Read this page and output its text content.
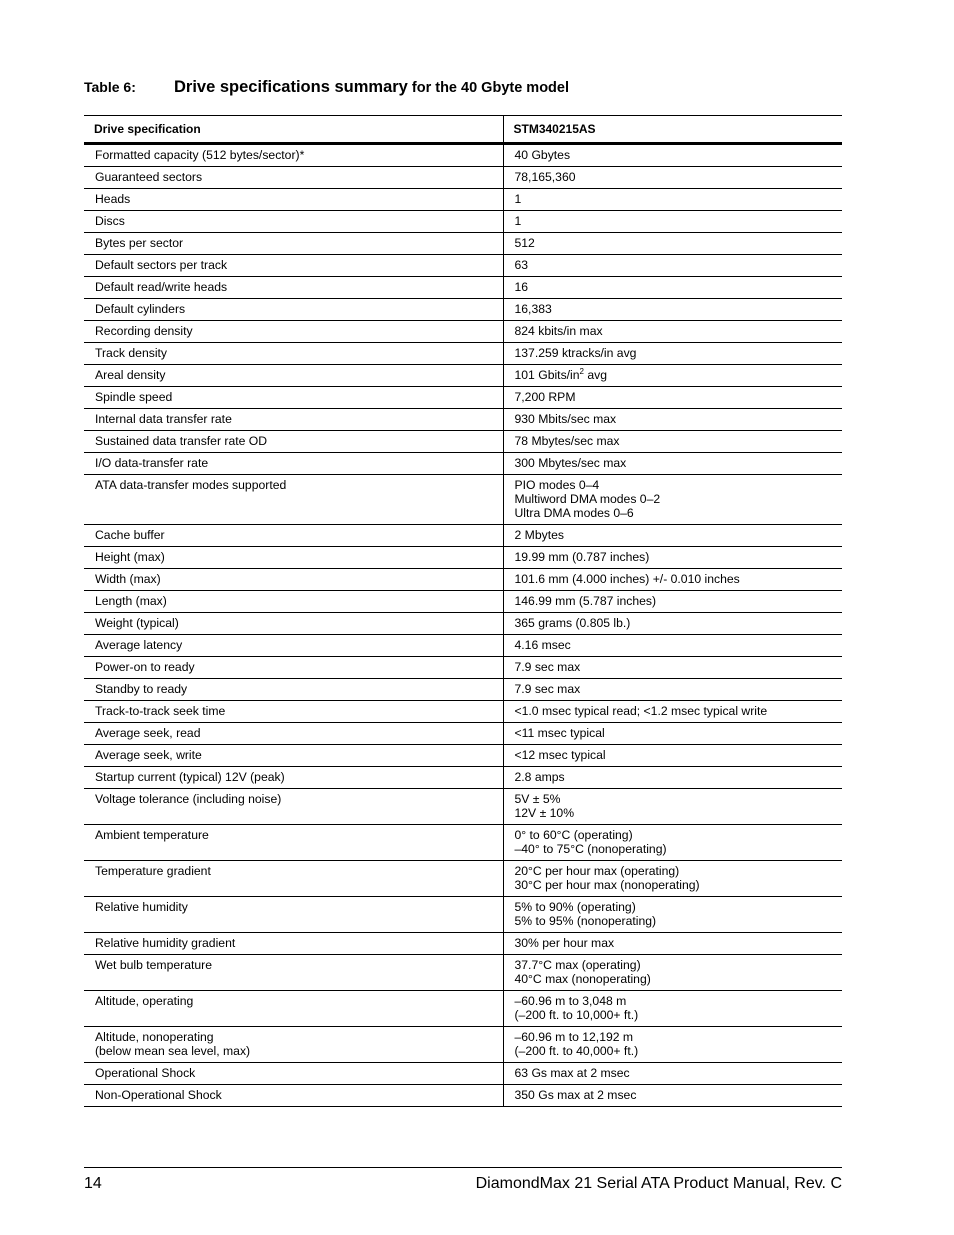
Table 6:	Drive specifications summary for the 40 Gbyte model
Drive specification	STM340215AS

Formatted capacity (512 bytes/sector)*	40 Gbytes

Guaranteed sectors	78,165,360

Heads	1

Discs	1

Bytes per sector	512

Default sectors per track	63

Default read/write heads	16

Default cylinders	16,383

Recording density	824 kbits/in max

Track density	137.259 ktracks/in avg

Areal density	101 Gbits/$in^2$ avg

Spindle speed	7,200 RPM

Internal data transfer rate	930 Mbits/sec max

Sustained data transfer rate OD	78 Mbytes/sec max

I/O data-transfer rate	300 Mbytes/sec max

ATA data-transfer modes supported	PIO modes 0–4
Multiword DMA modes 0–2
Ultra DMA modes 0–6

Cache buffer	2 Mbytes

Height (max)	19.99 mm (0.787 inches)

Width (max)	101.6 mm (4.000 inches) +/- 0.010 inches

Length (max)	146.99 mm (5.787 inches)

Weight (typical)	365 grams (0.805 lb.)

Average latency	4.16 msec

Power-on to ready	7.9 sec max

Standby to ready	7.9 sec max

Track-to-track seek time	<1.0 msec typical read; <1.2 msec typical write

Average seek, read	<11 msec typical

Average seek, write	<12 msec typical

Startup current (typical) 12V (peak)	2.8 amps

Voltage tolerance (including noise)	5V ± 5%
12V ± 10%

Ambient temperature	0° to 60°C (operating)
–40° to 75°C (nonoperating)

Temperature gradient	20°C per hour max (operating)
30°C per hour max (nonoperating)

Relative humidity	5% to 90% (operating)
5% to 95% (nonoperating)

Relative humidity gradient	30% per hour max

Wet bulb temperature	37.7°C max (operating)
40°C max (nonoperating)

Altitude, operating	–60.96 m to 3,048 m
(–200 ft. to 10,000+ ft.)

Altitude, nonoperating
(below mean sea level, max)	–60.96 m to 12,192 m
(–200 ft. to 40,000+ ft.)

Operational Shock	63 Gs max at 2 msec

Non-Operational Shock	350 Gs max at 2 msec
14	DiamondMax 21 Serial ATA Product Manual, Rev. C
